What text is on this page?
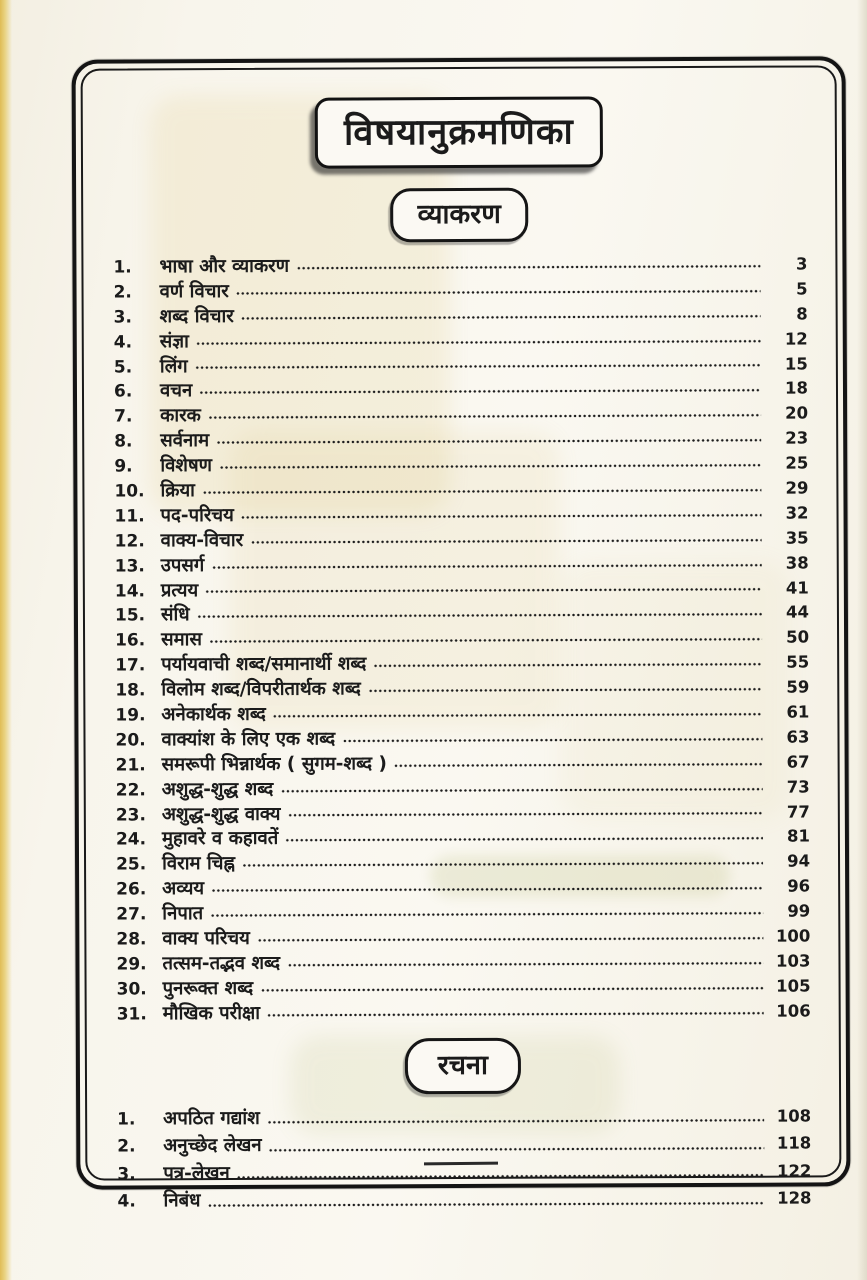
विषयानुक्रमणिका
व्याकरण
1.	भाषा और व्याकरण	3
2.	वर्ण विचार	5
3.	शब्द विचार	8
4.	संज्ञा	12
5.	लिंग	15
6.	वचन	18
7.	कारक	20
8.	सर्वनाम	23
9.	विशेषण	25
10. क्रिया	29
11. पद-परिचय	32
12. वाक्य-विचार	35
13. उपसर्ग	38
14. प्रत्यय	41
15. संधि	44
16. समास	50
17. पर्यायवाची शब्द/समानार्थी शब्द	55
18. विलोम शब्द/विपरीतार्थक शब्द	59
19. अनेकार्थक शब्द	61
20. वाक्यांश के लिए एक शब्द	63
21. समरूपी भिन्नार्थक ( सुगम-शब्द )	67
22. अशुद्ध-शुद्ध शब्द	73
23. अशुद्ध-शुद्ध वाक्य	77
24. मुहावरे व कहावतें	81
25. विराम चिह्न	94
26. अव्यय	96
27. निपात	99
28. वाक्य परिचय	100
29. तत्सम-तद्भव शब्द	103
30. पुनरूक्त शब्द	105
31. मौखिक परीक्षा	106
रचना
1.	अपठित गद्यांश	108
2.	अनुच्छेद लेखन	118
3.	पत्र-लेखन	122
4.	निबंध	128
